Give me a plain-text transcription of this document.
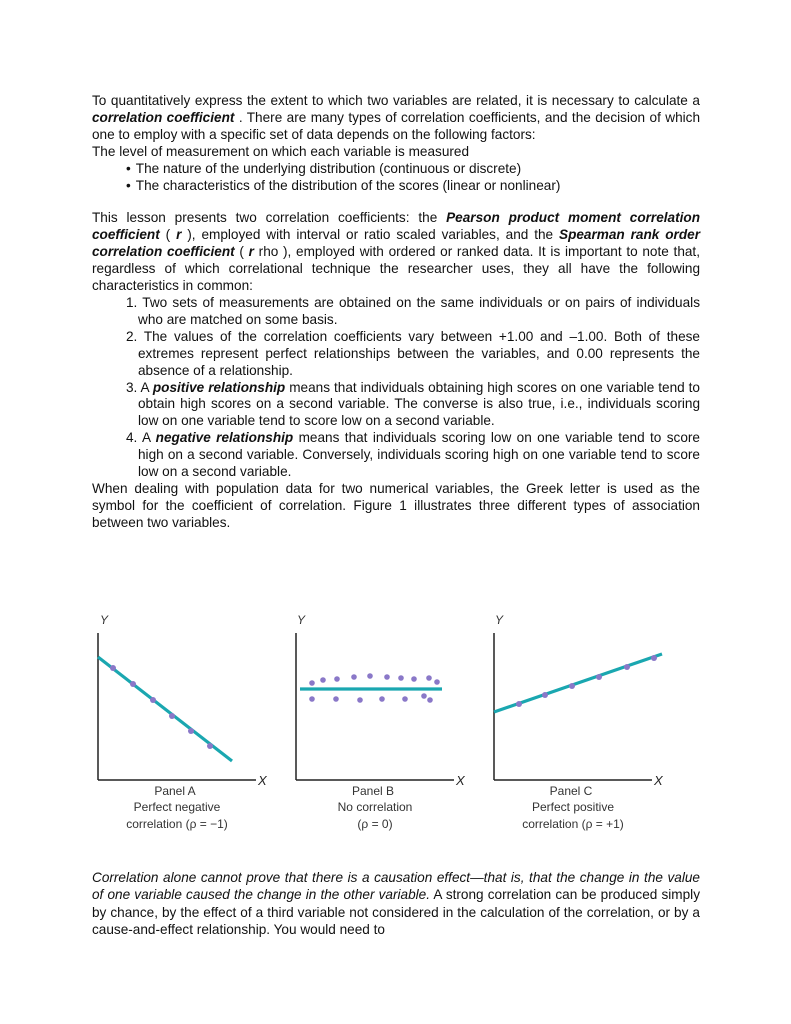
To quantitatively express the extent to which two variables are related, it is necessary to calculate a correlation coefficient . There are many types of correlation coefficients, and the decision of which one to employ with a specific set of data depends on the following factors:

The level of measurement on which each variable is measured

• The nature of the underlying distribution (continuous or discrete)
• The characteristics of the distribution of the scores (linear or nonlinear)

This lesson presents two correlation coefficients: the Pearson product moment correlation coefficient ( r ), employed with interval or ratio scaled variables, and the Spearman rank order correlation coefficient ( r rho ), employed with ordered or ranked data. It is important to note that, regardless of which correlational technique the researcher uses, they all have the following characteristics in common:

1. Two sets of measurements are obtained on the same individuals or on pairs of individuals who are matched on some basis.
2. The values of the correlation coefficients vary between +1.00 and –1.00. Both of these extremes represent perfect relationships between the variables, and 0.00 represents the absence of a relationship.
3. A positive relationship means that individuals obtaining high scores on one variable tend to obtain high scores on a second variable. The converse is also true, i.e., individuals scoring low on one variable tend to score low on a second variable.
4. A negative relationship means that individuals scoring low on one variable tend to score high on a second variable. Conversely, individuals scoring high on one variable tend to score low on a second variable.

When dealing with population data for two numerical variables, the Greek letter is used as the symbol for the coefficient of correlation. Figure 1 illustrates three different types of association between two variables.

Y
X
Panel A
Perfect negative
correlation (ρ = −1)
Y
X
Panel B
No correlation
(ρ = 0)
Y
X
Panel C
Perfect positive
correlation (ρ = +1)

Correlation alone cannot prove that there is a causation effect—that is, that the change in the value of one variable caused the change in the other variable. A strong correlation can be produced simply by chance, by the effect of a third variable not considered in the calculation of the correlation, or by a cause-and-effect relationship. You would need to
